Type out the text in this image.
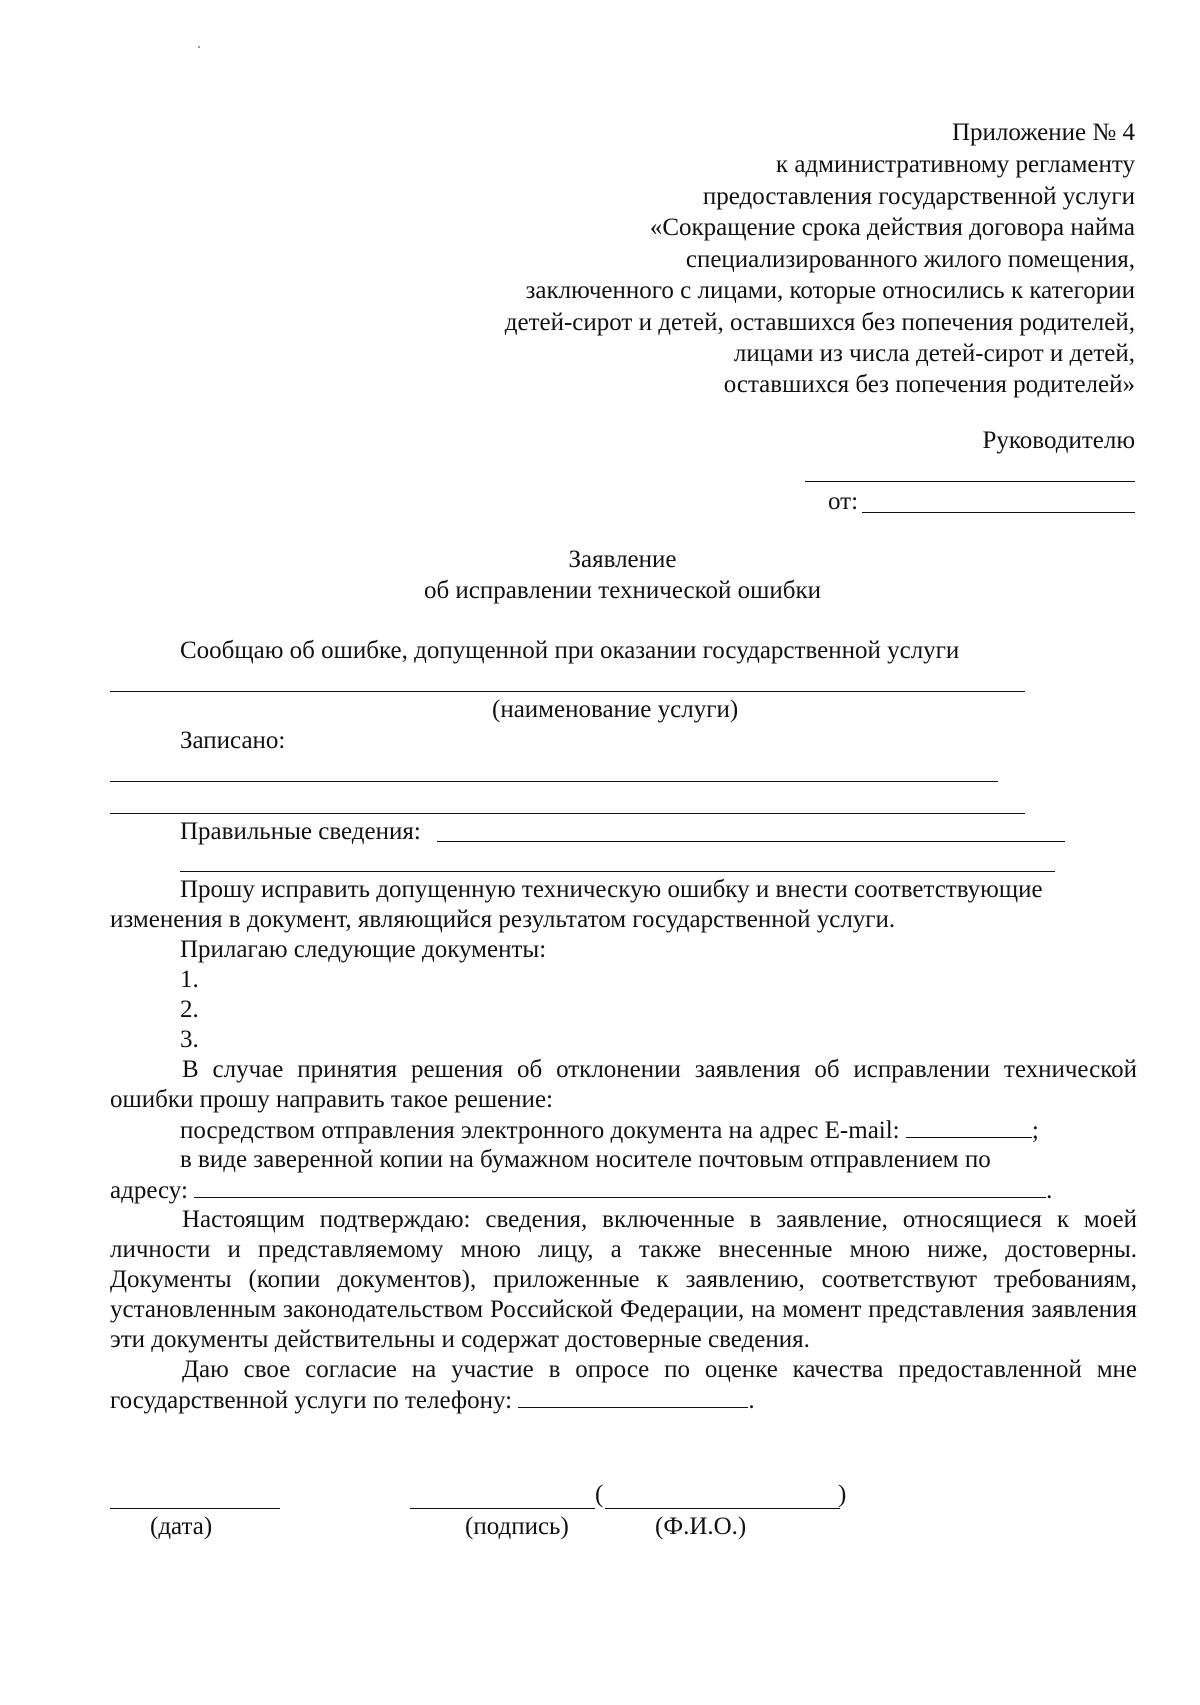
Приложение № 4
к административному регламенту
предоставления государственной услуги
«Сокращение срока действия договора найма
специализированного жилого помещения,
заключенного с лицами, которые относились к категории
детей-сирот и детей, оставшихся без попечения родителей,
лицами из числа детей-сирот и детей,
оставшихся без попечения родителей»
Руководителю
от:
Заявление
об исправлении технической ошибки
Сообщаю об ошибке, допущенной при оказании государственной услуги
(наименование услуги)
Записано:
Правильные сведения:
Прошу исправить допущенную техническую ошибку и внести соответствующие
изменения в документ, являющийся результатом государственной услуги.
Прилагаю следующие документы:
1.
2.
3.
В случае принятия решения об отклонении заявления об исправлении технической ошибки прошу направить такое решение:
посредством отправления электронного документа на адрес E-mail:	;
в виде заверенной копии на бумажном носителе почтовым отправлением по
адресу:	.
Настоящим подтверждаю: сведения, включенные в заявление, относящиеся к моей личности и представляемому мною лицу, а также внесенные мною ниже, достоверны. Документы (копии документов), приложенные к заявлению, соответствуют требованиям, установленным законодательством Российской Федерации, на момент представления заявления эти документы действительны и содержат достоверные сведения.
Даю свое согласие на участие в опросе по оценке качества предоставленной мне государственной услуги по телефону:	.
(дата)
(	)
(подпись)	(Ф.И.О.)
